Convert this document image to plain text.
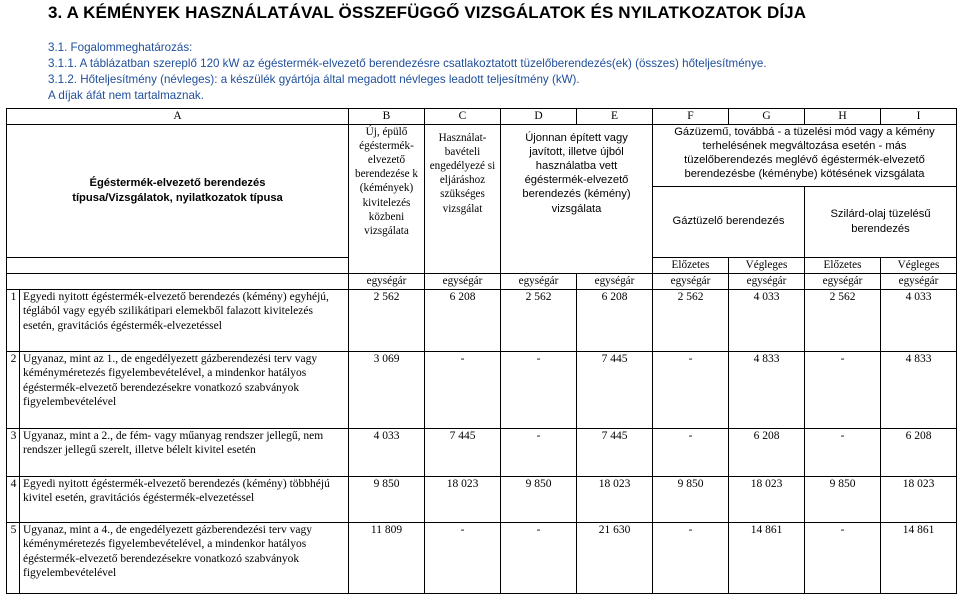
3. A KÉMÉNYEK HASZNÁLATÁVAL ÖSSZEFÜGGŐ VIZSGÁLATOK ÉS NYILATKOZATOK DÍJA
3.1. Fogalommeghatározás:
3.1.1. A táblázatban szereplő 120 kW az égéstermék-elvezető berendezésre csatlakoztatott tüzelőberendezés(ek) (összes) hőteljesítménye.
3.1.2. Hőteljesítmény (névleges): a készülék gyártója által megadott névleges leadott teljesítmény (kW).
A díjak áfát nem tartalmaznak.
A		B	C	D	E	F	G	H	I
Égéstermék-elvezető berendezés típusa/Vizsgálatok, nyilatkozatok típusa		Új, épülő égéstermék-elvezető berendezése k (kémények) kivitelezés közbeni vizsgálata	Használat-bavételi engedélyezé si eljáráshoz szükséges vizsgálat	Újonnan épített vagy javított, illetve újból használatba vett égéstermék-elvezető berendezés (kémény) vizsgálata		Gázüzemű, továbbá - a tüzelési mód vagy a kémény terhelésének megváltozása esetén - más tüzelőberendezés meglévő égéstermék-elvezető berendezésbe (kéménybe) kötésének vizsgálata			
						Gáztüzelő berendezés		Szilárd-olaj tüzelésű berendezés	
						Előzetes	Végleges	Előzetes	Végleges
		egységár	egységár	egységár	egységár	egységár	egységár	egységár	egységár
1	Egyedi nyitott égéstermék-elvezető berendezés (kémény) egyhéjú, téglából vagy egyéb szilikátipari elemekből falazott kivitelezés esetén, gravitációs égéstermék-elvezetéssel	2 562	6 208	2 562	6 208	2 562	4 033	2 562	4 033
2	Ugyanaz, mint az 1., de engedélyezett gázberendezési terv vagy kéményméretezés figyelembevételével, a mindenkor hatályos égéstermék-elvezető berendezésekre vonatkozó szabványok figyelembevételével	3 069	-	-	7 445	-	4 833	-	4 833
3	Ugyanaz, mint a 2., de fém- vagy műanyag rendszer jellegű, nem rendszer jellegű szerelt, illetve bélelt kivitel esetén	4 033	7 445	-	7 445	-	6 208	-	6 208
4	Egyedi nyitott égéstermék-elvezető berendezés (kémény) többhéjú kivitel esetén, gravitációs égéstermék-elvezetéssel	9 850	18 023	9 850	18 023	9 850	18 023	9 850	18 023
5	Ugyanaz, mint a 4., de engedélyezett gázberendezési terv vagy kéményméretezés figyelembevételével, a mindenkor hatályos égéstermék-elvezető berendezésekre vonatkozó szabványok figyelembevételével	11 809	-	-	21 630	-	14 861	-	14 861
